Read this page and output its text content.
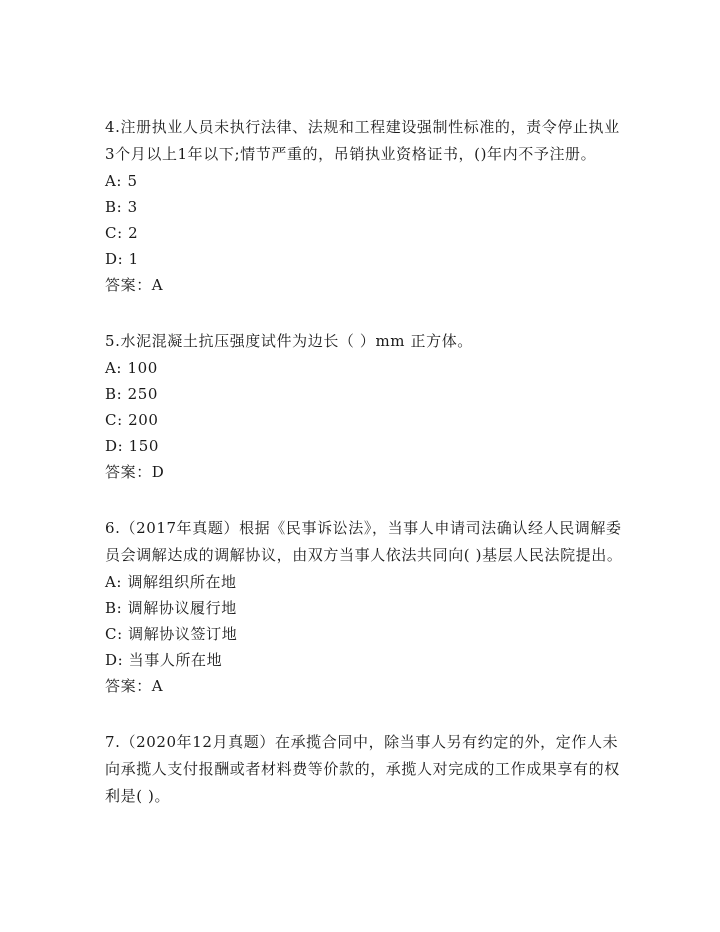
4.注册执业人员未执行法律、法规和工程建设强制性标准的，责令停止执业3个月以上1年以下;情节严重的，吊销执业资格证书，()年内不予注册。

A: 5

B: 3

C: 2

D: 1

答案：A

5.水泥混凝土抗压强度试件为边长（ ）mm 正方体。

A: 100

B: 250

C: 200

D: 150

答案：D

6.（2017年真题）根据《民事诉讼法》，当事人申请司法确认经人民调解委员会调解达成的调解协议，由双方当事人依法共同向( )基层人民法院提出。

A: 调解组织所在地

B: 调解协议履行地

C: 调解协议签订地

D: 当事人所在地

答案：A

7.（2020年12月真题）在承揽合同中，除当事人另有约定的外，定作人未向承揽人支付报酬或者材料费等价款的，承揽人对完成的工作成果享有的权利是( )。
